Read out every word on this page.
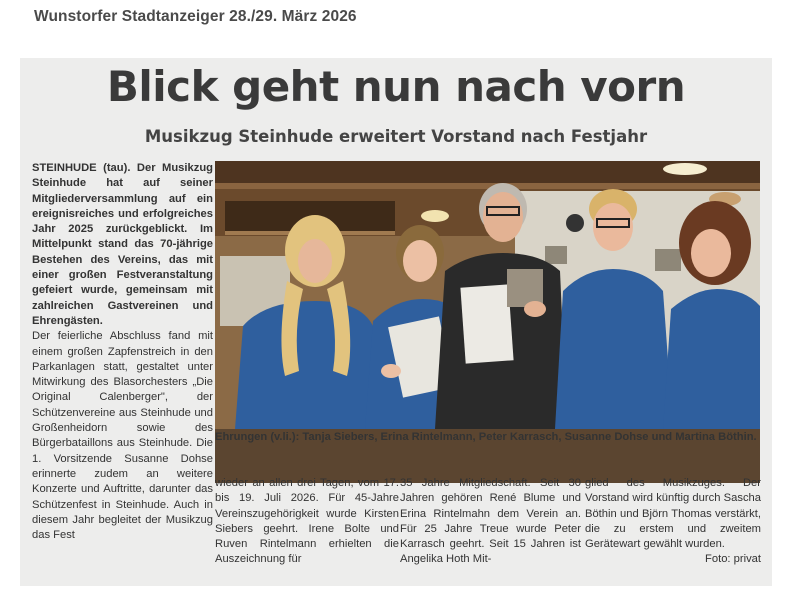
Wunstorfer Stadtanzeiger 28./29. März 2026
Blick geht nun nach vorn
Musikzug Steinhude erweitert Vorstand nach Festjahr

STEINHUDE (tau). Der Musikzug Steinhude hat auf seiner Mitgliederversammlung auf ein ereignisreiches und erfolgreiches Jahr 2025 zurückgeblickt. Im Mittelpunkt stand das 70-jährige Bestehen des Vereins, das mit einer großen Festveranstaltung gefeiert wurde, gemeinsam mit zahlreichen Gastvereinen und Ehrengästen.

Der feierliche Abschluss fand mit einem großen Zapfenstreich in den Parkanlagen statt, gestaltet unter Mitwirkung des Blasorchesters „Die Original Calenberger", der Schützenvereine aus Steinhude und Großenheidorn sowie des Bürgerbataillons aus Steinhude. Die 1. Vorsitzende Susanne Dohse erinnerte zudem an weitere Konzerte und Auftritte, darunter das Schützenfest in Steinhude. Auch in diesem Jahr begleitet der Musikzug das Fest

Ehrungen (v.li.): Tanja Siebers, Erina Rintelmann, Peter Karrasch, Susanne Dohse und Martina Böthin.

wieder an allen drei Tagen, vom 17. bis 19. Juli 2026. Für 45-Jahre Vereinszugehörigkeit wurde Kirsten Siebers geehrt. Irene Bolte und Ruven Rintelmann erhielten die Auszeichnung für

35 Jahre Mitgliedschaft. Seit 30 Jahren gehören René Blume und Erina Rintelmahn dem Verein an. Für 25 Jahre Treue wurde Peter Karrasch geehrt. Seit 15 Jahren ist Angelika Hoth Mit-

glied des Musikzuges. Der Vorstand wird künftig durch Sascha Böthin und Björn Thomas verstärkt, die zu erstem und zweitem Gerätewart gewählt wurden.

Foto: privat
